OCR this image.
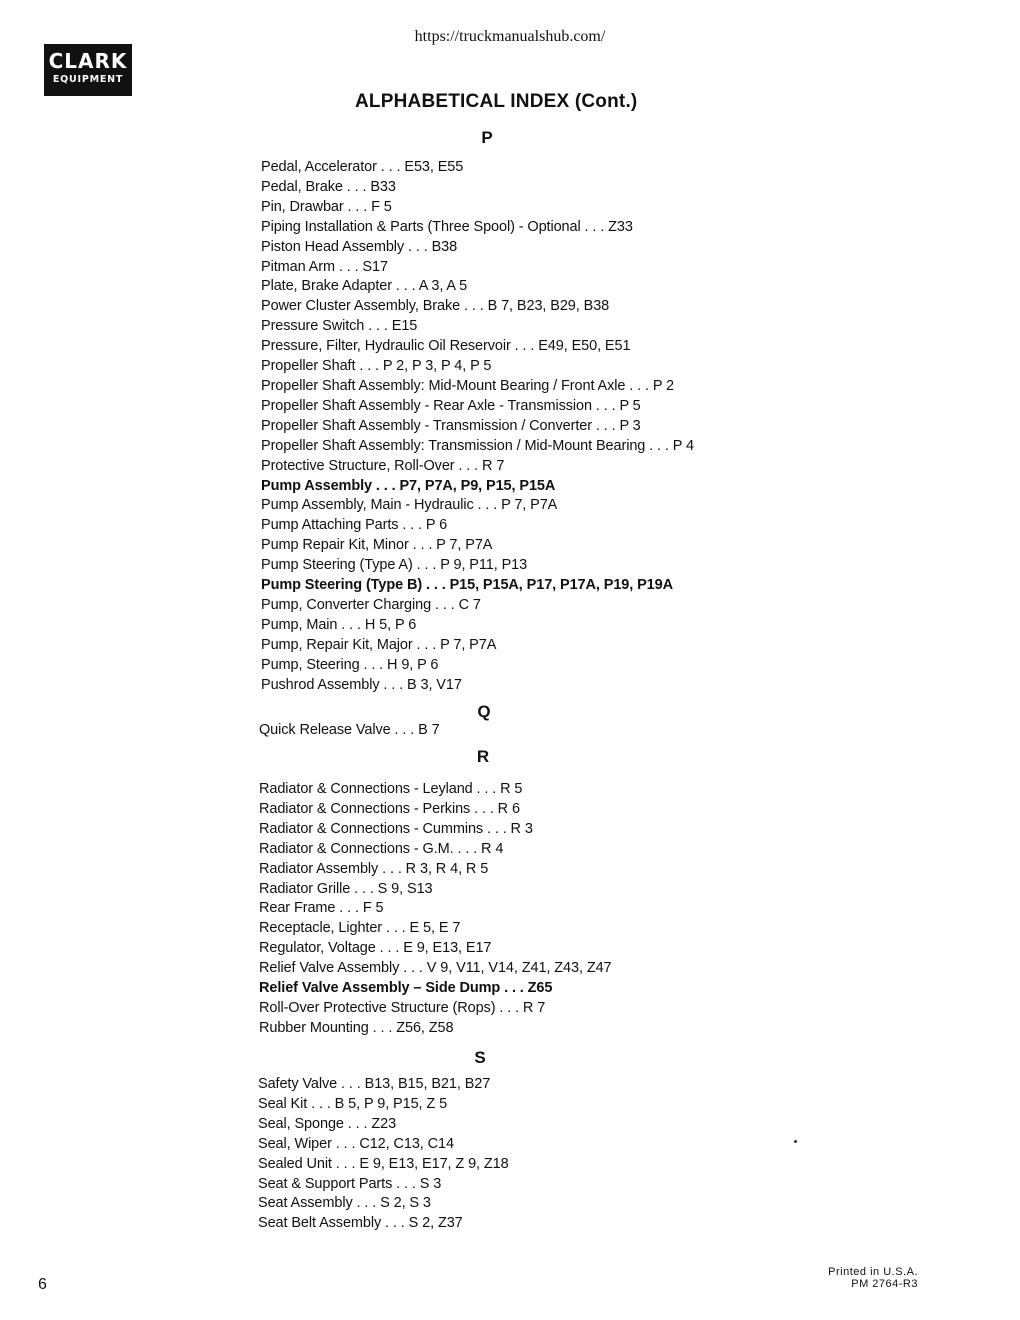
https://truckmanualshub.com/
CLARK
EQUIPMENT
ALPHABETICAL INDEX (Cont.)
P
Pedal, Accelerator . . . E53, E55
Pedal, Brake . . . B33
Pin, Drawbar . . . F 5
Piping Installation & Parts (Three Spool) - Optional . . . Z33
Piston Head Assembly . . . B38
Pitman Arm . . . S17
Plate, Brake Adapter . . . A 3, A 5
Power Cluster Assembly, Brake . . . B 7, B23, B29, B38
Pressure Switch . . . E15
Pressure, Filter, Hydraulic Oil Reservoir . . . E49, E50, E51
Propeller Shaft . . . P 2, P 3, P 4, P 5
Propeller Shaft Assembly: Mid-Mount Bearing / Front Axle . . . P 2
Propeller Shaft Assembly - Rear Axle - Transmission . . . P 5
Propeller Shaft Assembly - Transmission / Converter . . . P 3
Propeller Shaft Assembly: Transmission / Mid-Mount Bearing . . . P 4
Protective Structure, Roll-Over . . . R 7
Pump Assembly . . . P7, P7A, P9, P15, P15A
Pump Assembly, Main - Hydraulic . . . P 7, P7A
Pump Attaching Parts . . . P 6
Pump Repair Kit, Minor . . . P 7, P7A
Pump Steering (Type A) . . . P 9, P11, P13
Pump Steering (Type B) . . . P15, P15A, P17, P17A, P19, P19A
Pump, Converter Charging . . . C 7
Pump, Main . . . H 5, P 6
Pump, Repair Kit, Major . . . P 7, P7A
Pump, Steering . . . H 9, P 6
Pushrod Assembly . . . B 3, V17
Q
Quick Release Valve . . . B 7
R
Radiator & Connections - Leyland . . . R 5
Radiator & Connections - Perkins . . . R 6
Radiator & Connections - Cummins . . . R 3
Radiator & Connections - G.M. . . . R 4
Radiator Assembly . . . R 3, R 4, R 5
Radiator Grille . . . S 9, S13
Rear Frame . . . F 5
Receptacle, Lighter . . . E 5, E 7
Regulator, Voltage . . . E 9, E13, E17
Relief Valve Assembly . . . V 9, V11, V14, Z41, Z43, Z47
Relief Valve Assembly – Side Dump . . . Z65
Roll-Over Protective Structure (Rops) . . . R 7
Rubber Mounting . . . Z56, Z58
S
Safety Valve . . . B13, B15, B21, B27
Seal Kit . . . B 5, P 9, P15, Z 5
Seal, Sponge . . . Z23
Seal, Wiper . . . C12, C13, C14
Sealed Unit . . . E 9, E13, E17, Z 9, Z18
Seat & Support Parts . . . S 3
Seat Assembly . . . S 2, S 3
Seat Belt Assembly . . . S 2, Z37
6
Printed in U.S.A.
PM 2764-R3
